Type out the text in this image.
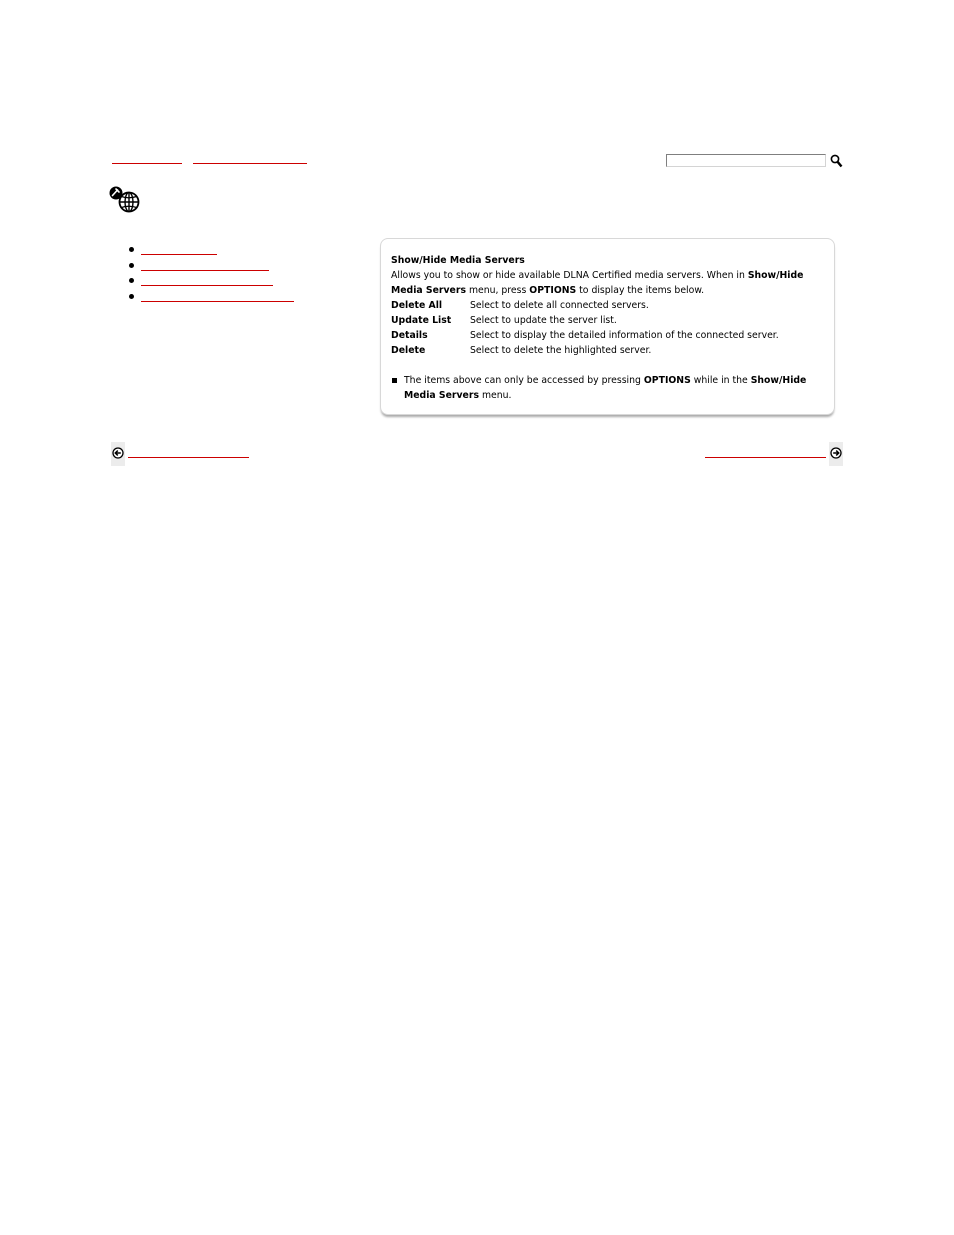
Show/Hide Media Servers

Allows you to show or hide available DLNA Certified media servers. When in Show/Hide Media Servers menu, press OPTIONS to display the items below.

Delete All	Select to delete all connected servers.
Update List	Select to update the server list.
Details	Select to display the detailed information of the connected server.
Delete	Select to delete the highlighted server.

The items above can only be accessed by pressing OPTIONS while in the Show/Hide Media Servers menu.
